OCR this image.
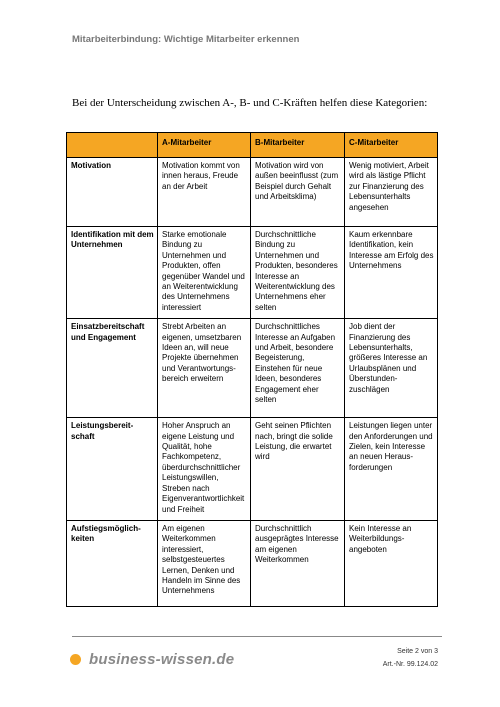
Mitarbeiterbindung: Wichtige Mitarbeiter erkennen
Bei der Unterscheidung zwischen A-, B- und C-Kräften helfen diese Kategorien:
	A-Mitarbeiter	B-Mitarbeiter	C-Mitarbeiter
Motivation	Motivation kommt von innen heraus, Freude an der Arbeit	Motivation wird von außen beeinflusst (zum Beispiel durch Gehalt und Arbeitsklima)	Wenig motiviert, Arbeit wird als lästige Pflicht zur Finanzierung des Lebensunterhalts angesehen
Identifikation mit dem Unternehmen	Starke emotionale Bindung zu Unternehmen und Produkten, offen gegenüber Wandel und an Weiterentwicklung des Unternehmens interessiert	Durchschnittliche Bindung zu Unternehmen und Produkten, besonderes Interesse an Weiterentwicklung des Unternehmens eher selten	Kaum erkennbare Identifikation, kein Interesse am Erfolg des Unternehmens
Einsatzbereitschaft und Engagement	Strebt Arbeiten an eigenen, umsetzbaren Ideen an, will neue Projekte übernehmen und Verantwortungs-bereich erweitern	Durchschnittliches Interesse an Aufgaben und Arbeit, besondere Begeisterung, Einstehen für neue Ideen, besonderes Engagement eher selten	Job dient der Finanzierung des Lebensunterhalts, größeres Interesse an Urlaubsplänen und Überstunden-zuschlägen
Leistungsbereit-schaft	Hoher Anspruch an eigene Leistung und Qualität, hohe Fachkompetenz, überdurchschnittlicher Leistungswillen, Streben nach Eigenverantwortlichkeit und Freiheit	Geht seinen Pflichten nach, bringt die solide Leistung, die erwartet wird	Leistungen liegen unter den Anforderungen und Zielen, kein Interesse an neuen Heraus-forderungen
Aufstiegsmöglich-keiten	Am eigenen Weiterkommen interessiert, selbstgesteuertes Lernen, Denken und Handeln im Sinne des Unternehmens	Durchschnittlich ausgeprägtes Interesse am eigenen Weiterkommen	Kein Interesse an Weiterbildungs-angeboten
business-wissen.de	Seite 2 von 3
Art.-Nr. 99.124.02
